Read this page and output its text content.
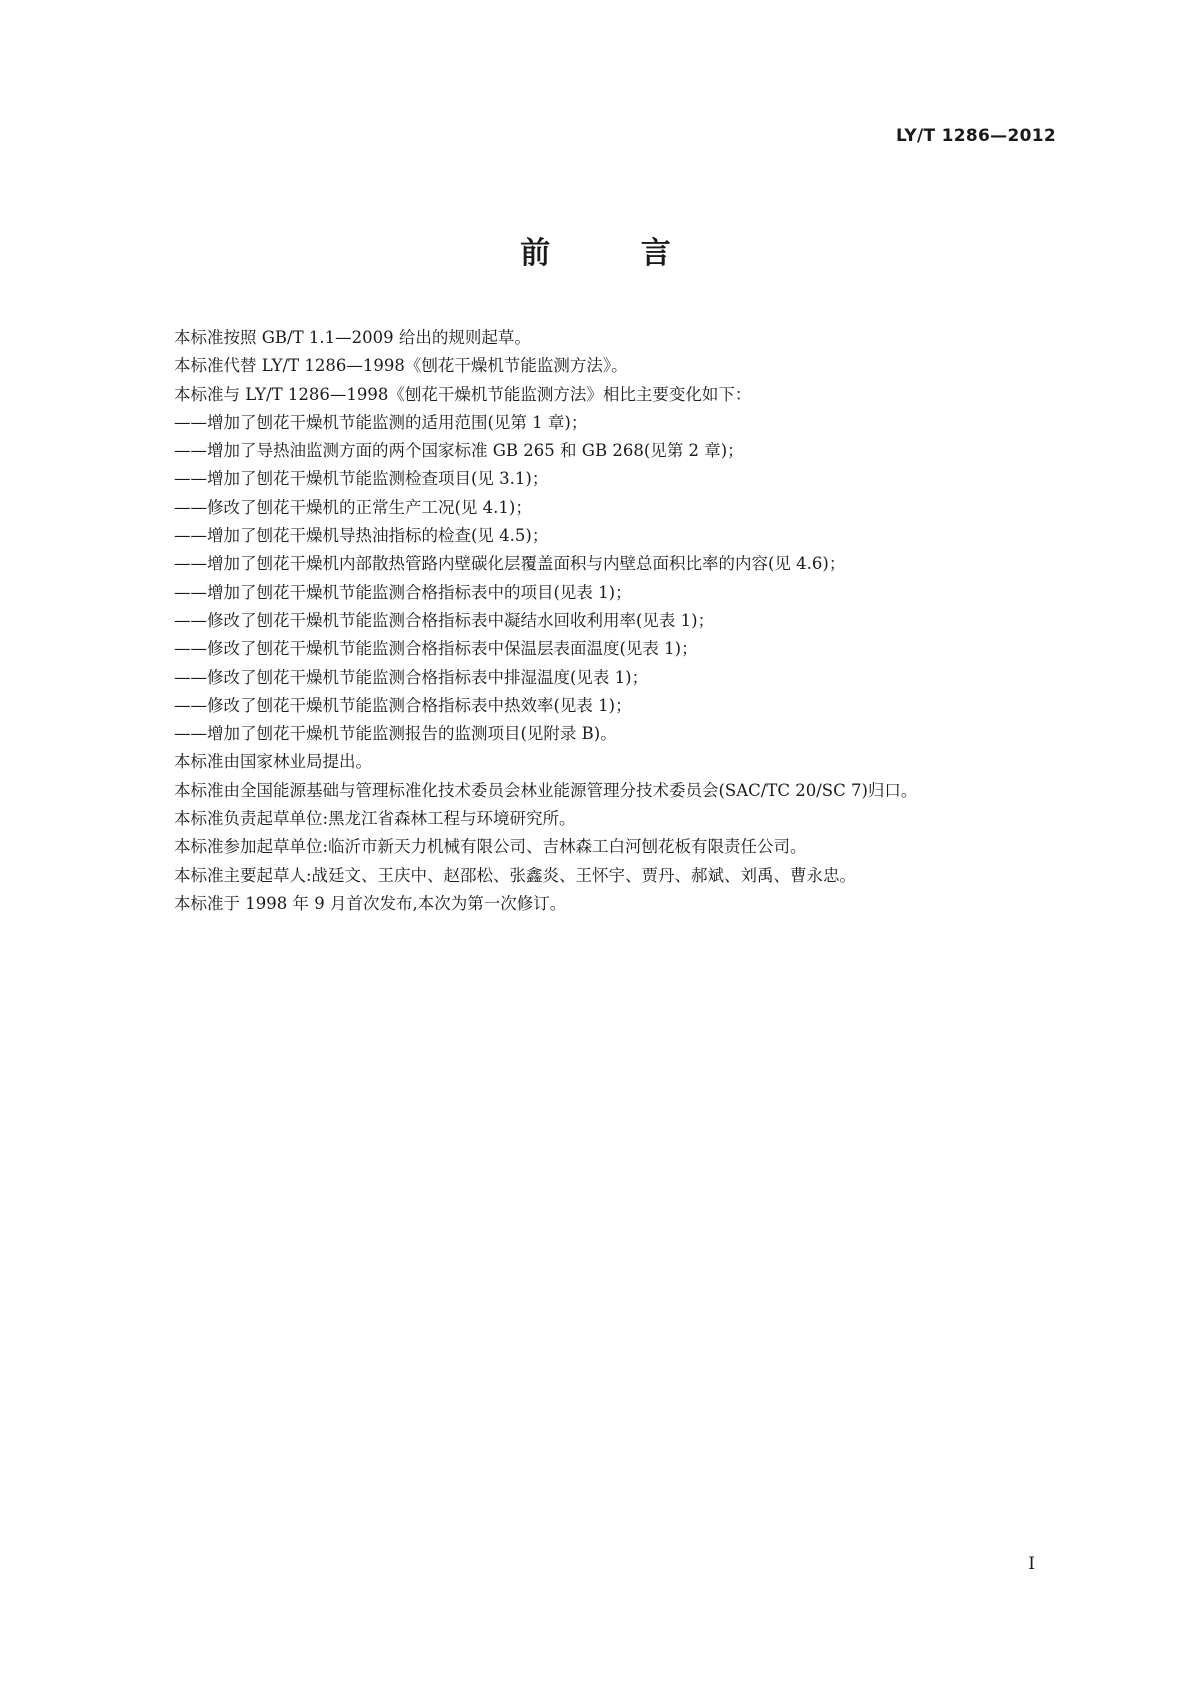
LY/T 1286—2012
前 言

本标准按照 GB/T 1.1—2009 给出的规则起草。

本标准代替 LY/T 1286—1998《刨花干燥机节能监测方法》。

本标准与 LY/T 1286—1998《刨花干燥机节能监测方法》相比主要变化如下：

——增加了刨花干燥机节能监测的适用范围(见第 1 章)；

——增加了导热油监测方面的两个国家标准 GB 265 和 GB 268(见第 2 章)；

——增加了刨花干燥机节能监测检查项目(见 3.1)；

——修改了刨花干燥机的正常生产工况(见 4.1)；

——增加了刨花干燥机导热油指标的检查(见 4.5)；

——增加了刨花干燥机内部散热管路内壁碳化层覆盖面积与内壁总面积比率的内容(见 4.6)；

——增加了刨花干燥机节能监测合格指标表中的项目(见表 1)；

——修改了刨花干燥机节能监测合格指标表中凝结水回收利用率(见表 1)；

——修改了刨花干燥机节能监测合格指标表中保温层表面温度(见表 1)；

——修改了刨花干燥机节能监测合格指标表中排湿温度(见表 1)；

——修改了刨花干燥机节能监测合格指标表中热效率(见表 1)；

——增加了刨花干燥机节能监测报告的监测项目(见附录 B)。

本标准由国家林业局提出。

本标准由全国能源基础与管理标准化技术委员会林业能源管理分技术委员会(SAC/TC 20/SC 7)归口。

本标准负责起草单位:黑龙江省森林工程与环境研究所。

本标准参加起草单位:临沂市新天力机械有限公司、吉林森工白河刨花板有限责任公司。

本标准主要起草人:战廷文、王庆中、赵邵松、张鑫炎、王怀宇、贾丹、郝斌、刘禹、曹永忠。

本标准于 1998 年 9 月首次发布,本次为第一次修订。

I
